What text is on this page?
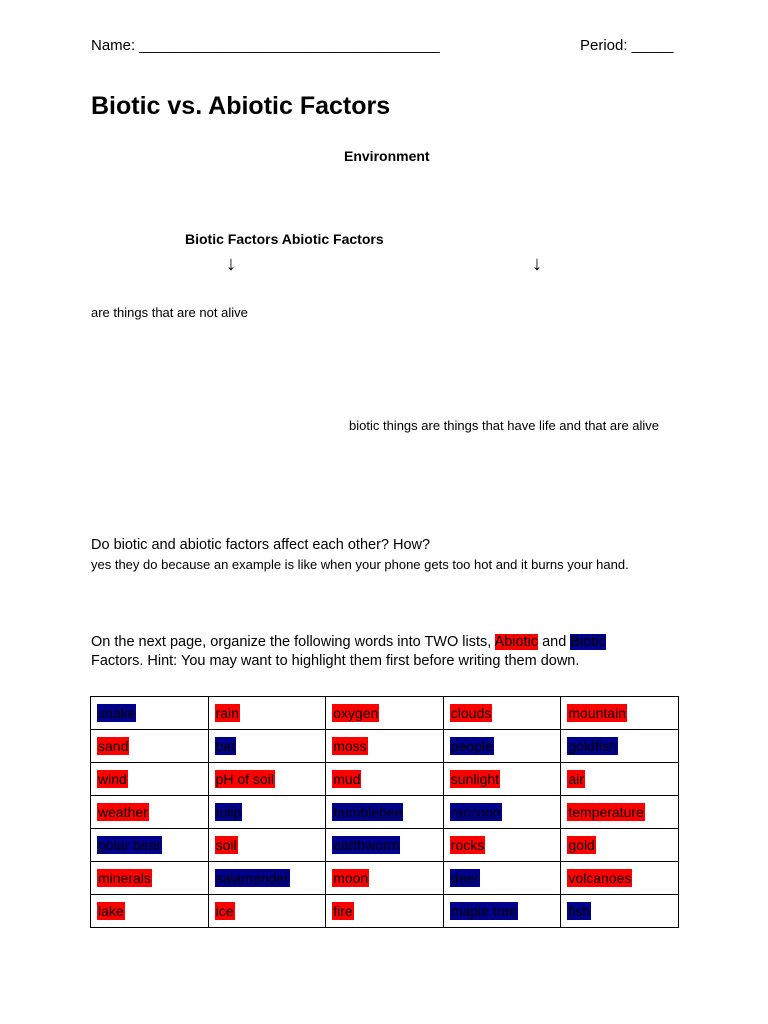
Name: ____________________________________	Period: _____
Biotic vs. Abiotic Factors
Environment
Biotic Factors Abiotic Factors
↓	↓
are things that are not alive
biotic things are things that have life and that are alive
Do biotic and abiotic factors affect each other? How?
yes they do because an example is like when your phone gets too hot and it burns your hand.
On the next page, organize the following words into TWO lists, Abiotic and Biotic
Factors. Hint: You may want to highlight them first before writing them down.
snake	rain	oxygen	clouds	mountain
sand	bat	moss	people	goldfish
wind	pH of soil	mud	sunlight	air
weather	tulip	bumblebee	raccoon	temperature
polar bear	soil	earthworm	rocks	gold
minerals	salamander	moon	deer	volcanoes
lake	ice	fire	maple tree	fish
